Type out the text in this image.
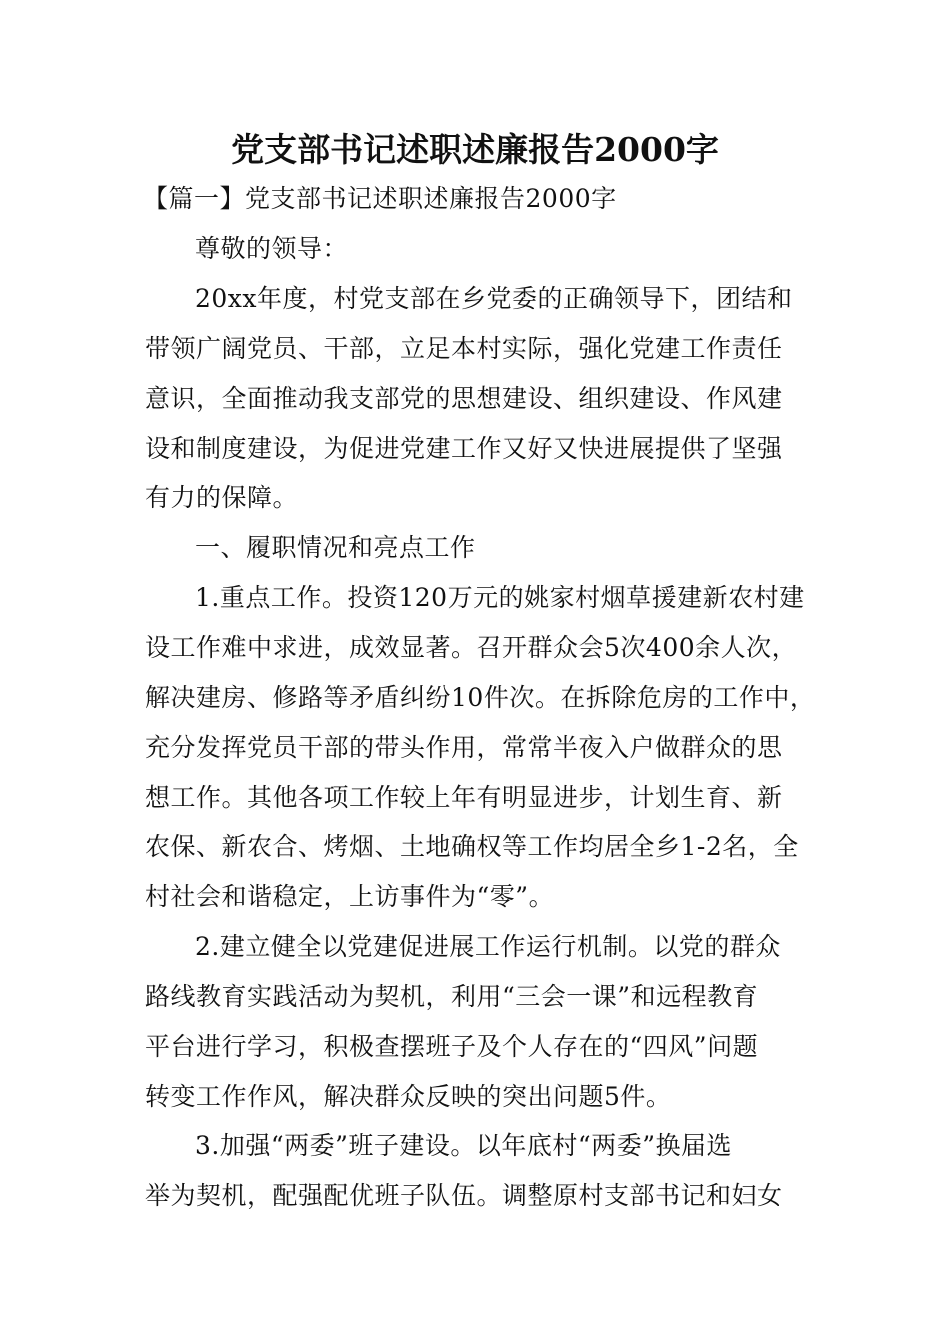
党支部书记述职述廉报告2000字
【篇一】党支部书记述职述廉报告2000字
尊敬的领导：
20xx年度，村党支部在乡党委的正确领导下，团结和
带领广阔党员、干部，立足本村实际，强化党建工作责任
意识，全面推动我支部党的思想建设、组织建设、作风建
设和制度建设，为促进党建工作又好又快进展提供了坚强
有力的保障。
一、履职情况和亮点工作
1.重点工作。投资120万元的姚家村烟草援建新农村建
设工作难中求进，成效显著。召开群众会5次400余人次，
解决建房、修路等矛盾纠纷10件次。在拆除危房的工作中，
充分发挥党员干部的带头作用，常常半夜入户做群众的思
想工作。其他各项工作较上年有明显进步，计划生育、新
农保、新农合、烤烟、土地确权等工作均居全乡1-2名，全
村社会和谐稳定，上访事件为“零”。
2.建立健全以党建促进展工作运行机制。以党的群众
路线教育实践活动为契机，利用“三会一课”和远程教育
平台进行学习，积极查摆班子及个人存在的“四风”问题
转变工作作风，解决群众反映的突出问题5件。
3.加强“两委”班子建设。以年底村“两委”换届选
举为契机，配强配优班子队伍。调整原村支部书记和妇女
